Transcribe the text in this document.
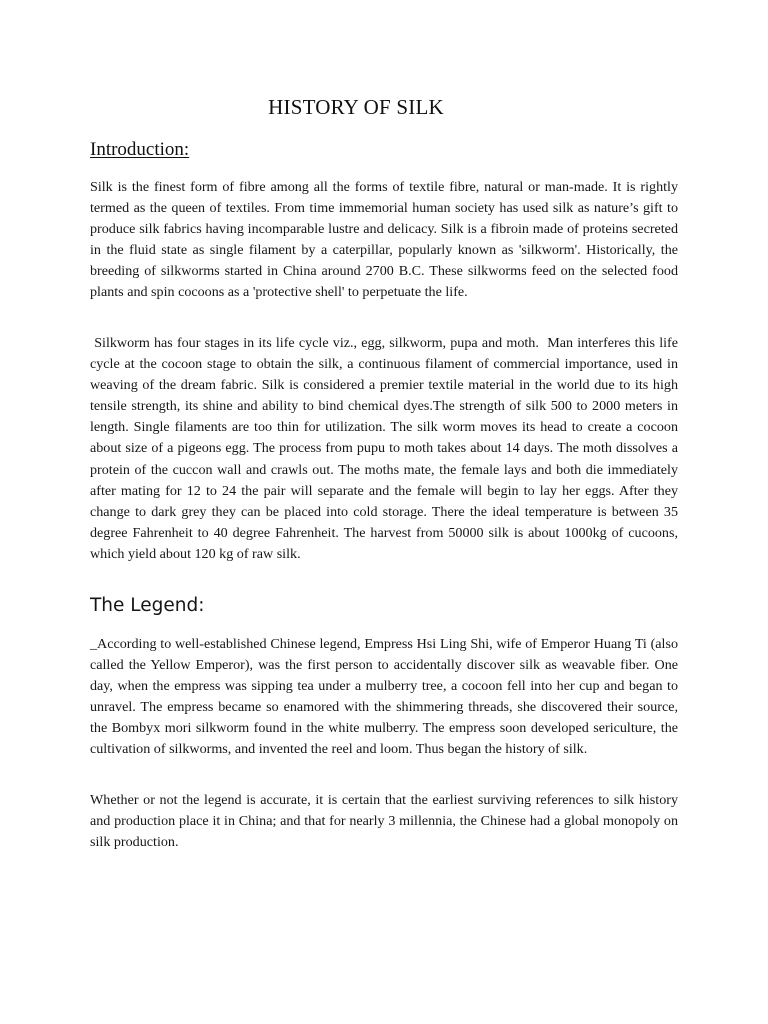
HISTORY OF SILK
Introduction:

Silk is the finest form of fibre among all the forms of textile fibre, natural or man-made. It is rightly termed as the queen of textiles. From time immemorial human society has used silk as nature’s gift to produce silk fabrics having incomparable lustre and delicacy. Silk is a fibroin made of proteins secreted in the fluid state as single filament by a caterpillar, popularly known as 'silkworm'. Historically, the breeding of silkworms started in China around 2700 B.C. These silkworms feed on the selected food plants and spin cocoons as a 'protective shell' to perpetuate the life.

Silkworm has four stages in its life cycle viz., egg, silkworm, pupa and moth.  Man interferes this life cycle at the cocoon stage to obtain the silk, a continuous filament of commercial importance, used in weaving of the dream fabric. Silk is considered a premier textile material in the world due to its high tensile strength, its shine and ability to bind chemical dyes.The strength of silk 500 to 2000 meters in length. Single filaments are too thin for utilization. The silk worm moves its head to create a cocoon about size of a pigeons egg. The process from pupu to moth takes about 14 days. The moth dissolves a protein of the cuccon wall and crawls out. The moths mate, the female lays and both die immediately after mating for 12 to 24 the pair will separate and the female will begin to lay her eggs. After they change to dark grey they can be placed into cold storage. There the ideal temperature is between 35 degree Fahrenheit to 40 degree Fahrenheit. The harvest from 50000 silk is about 1000kg of cucoons, which yield about 120 kg of raw silk.

The Legend:

_According to well-established Chinese legend, Empress Hsi Ling Shi, wife of Emperor Huang Ti (also called the Yellow Emperor), was the first person to accidentally discover silk as weavable fiber. One day, when the empress was sipping tea under a mulberry tree, a cocoon fell into her cup and began to unravel. The empress became so enamored with the shimmering threads, she discovered their source, the Bombyx mori silkworm found in the white mulberry. The empress soon developed sericulture, the cultivation of silkworms, and invented the reel and loom. Thus began the history of silk.

Whether or not the legend is accurate, it is certain that the earliest surviving references to silk history and production place it in China; and that for nearly 3 millennia, the Chinese had a global monopoly on silk production.
